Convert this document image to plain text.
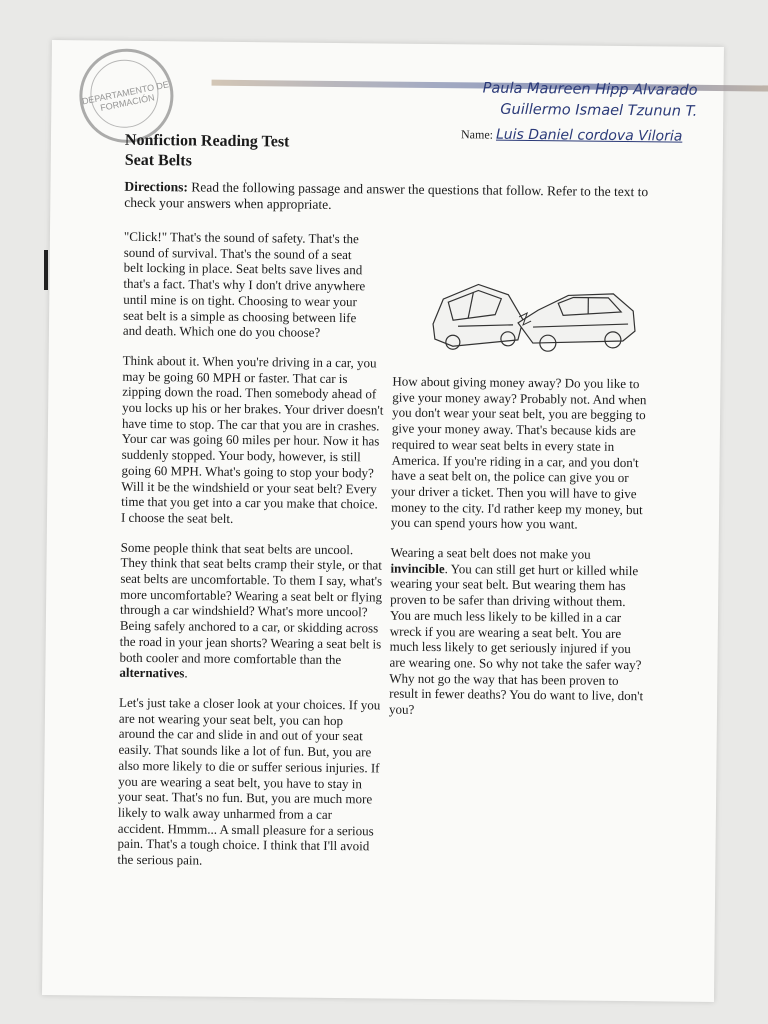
DEPARTAMENTO DE FORMACIÓN
Paula Maureen Hipp Alvarado
Guillermo Ismael Tzunun T.
Name: Luis Daniel cordova Viloria
Nonfiction Reading Test
Seat Belts
Directions: Read the following passage and answer the questions that follow. Refer to the text to check your answers when appropriate.

"Click!" That's the sound of safety. That's the sound of survival. That's the sound of a seat belt locking in place. Seat belts save lives and that's a fact. That's why I don't drive anywhere until mine is on tight. Choosing to wear your seat belt is a simple as choosing between life and death. Which one do you choose?

Think about it. When you're driving in a car, you may be going 60 MPH or faster. That car is zipping down the road. Then somebody ahead of you locks up his or her brakes. Your driver doesn't have time to stop. The car that you are in crashes. Your car was going 60 miles per hour. Now it has suddenly stopped. Your body, however, is still going 60 MPH. What's going to stop your body? Will it be the windshield or your seat belt? Every time that you get into a car you make that choice. I choose the seat belt.

Some people think that seat belts are uncool. They think that seat belts cramp their style, or that seat belts are uncomfortable. To them I say, what's more uncomfortable? Wearing a seat belt or flying through a car windshield? What's more uncool? Being safely anchored to a car, or skidding across the road in your jean shorts? Wearing a seat belt is both cooler and more comfortable than the alternatives.

Let's just take a closer look at your choices. If you are not wearing your seat belt, you can hop around the car and slide in and out of your seat easily. That sounds like a lot of fun. But, you are also more likely to die or suffer serious injuries. If you are wearing a seat belt, you have to stay in your seat. That's no fun. But, you are much more likely to walk away unharmed from a car accident. Hmmm... A small pleasure for a serious pain. That's a tough choice. I think that I'll avoid the serious pain.

How about giving money away? Do you like to give your money away? Probably not. And when you don't wear your seat belt, you are begging to give your money away. That's because kids are required to wear seat belts in every state in America. If you're riding in a car, and you don't have a seat belt on, the police can give you or your driver a ticket. Then you will have to give money to the city. I'd rather keep my money, but you can spend yours how you want.

Wearing a seat belt does not make you invincible. You can still get hurt or killed while wearing your seat belt. But wearing them has proven to be safer than driving without them. You are much less likely to be killed in a car wreck if you are wearing a seat belt. You are much less likely to get seriously injured if you are wearing one. So why not take the safer way? Why not go the way that has been proven to result in fewer deaths? You do want to live, don't you?
